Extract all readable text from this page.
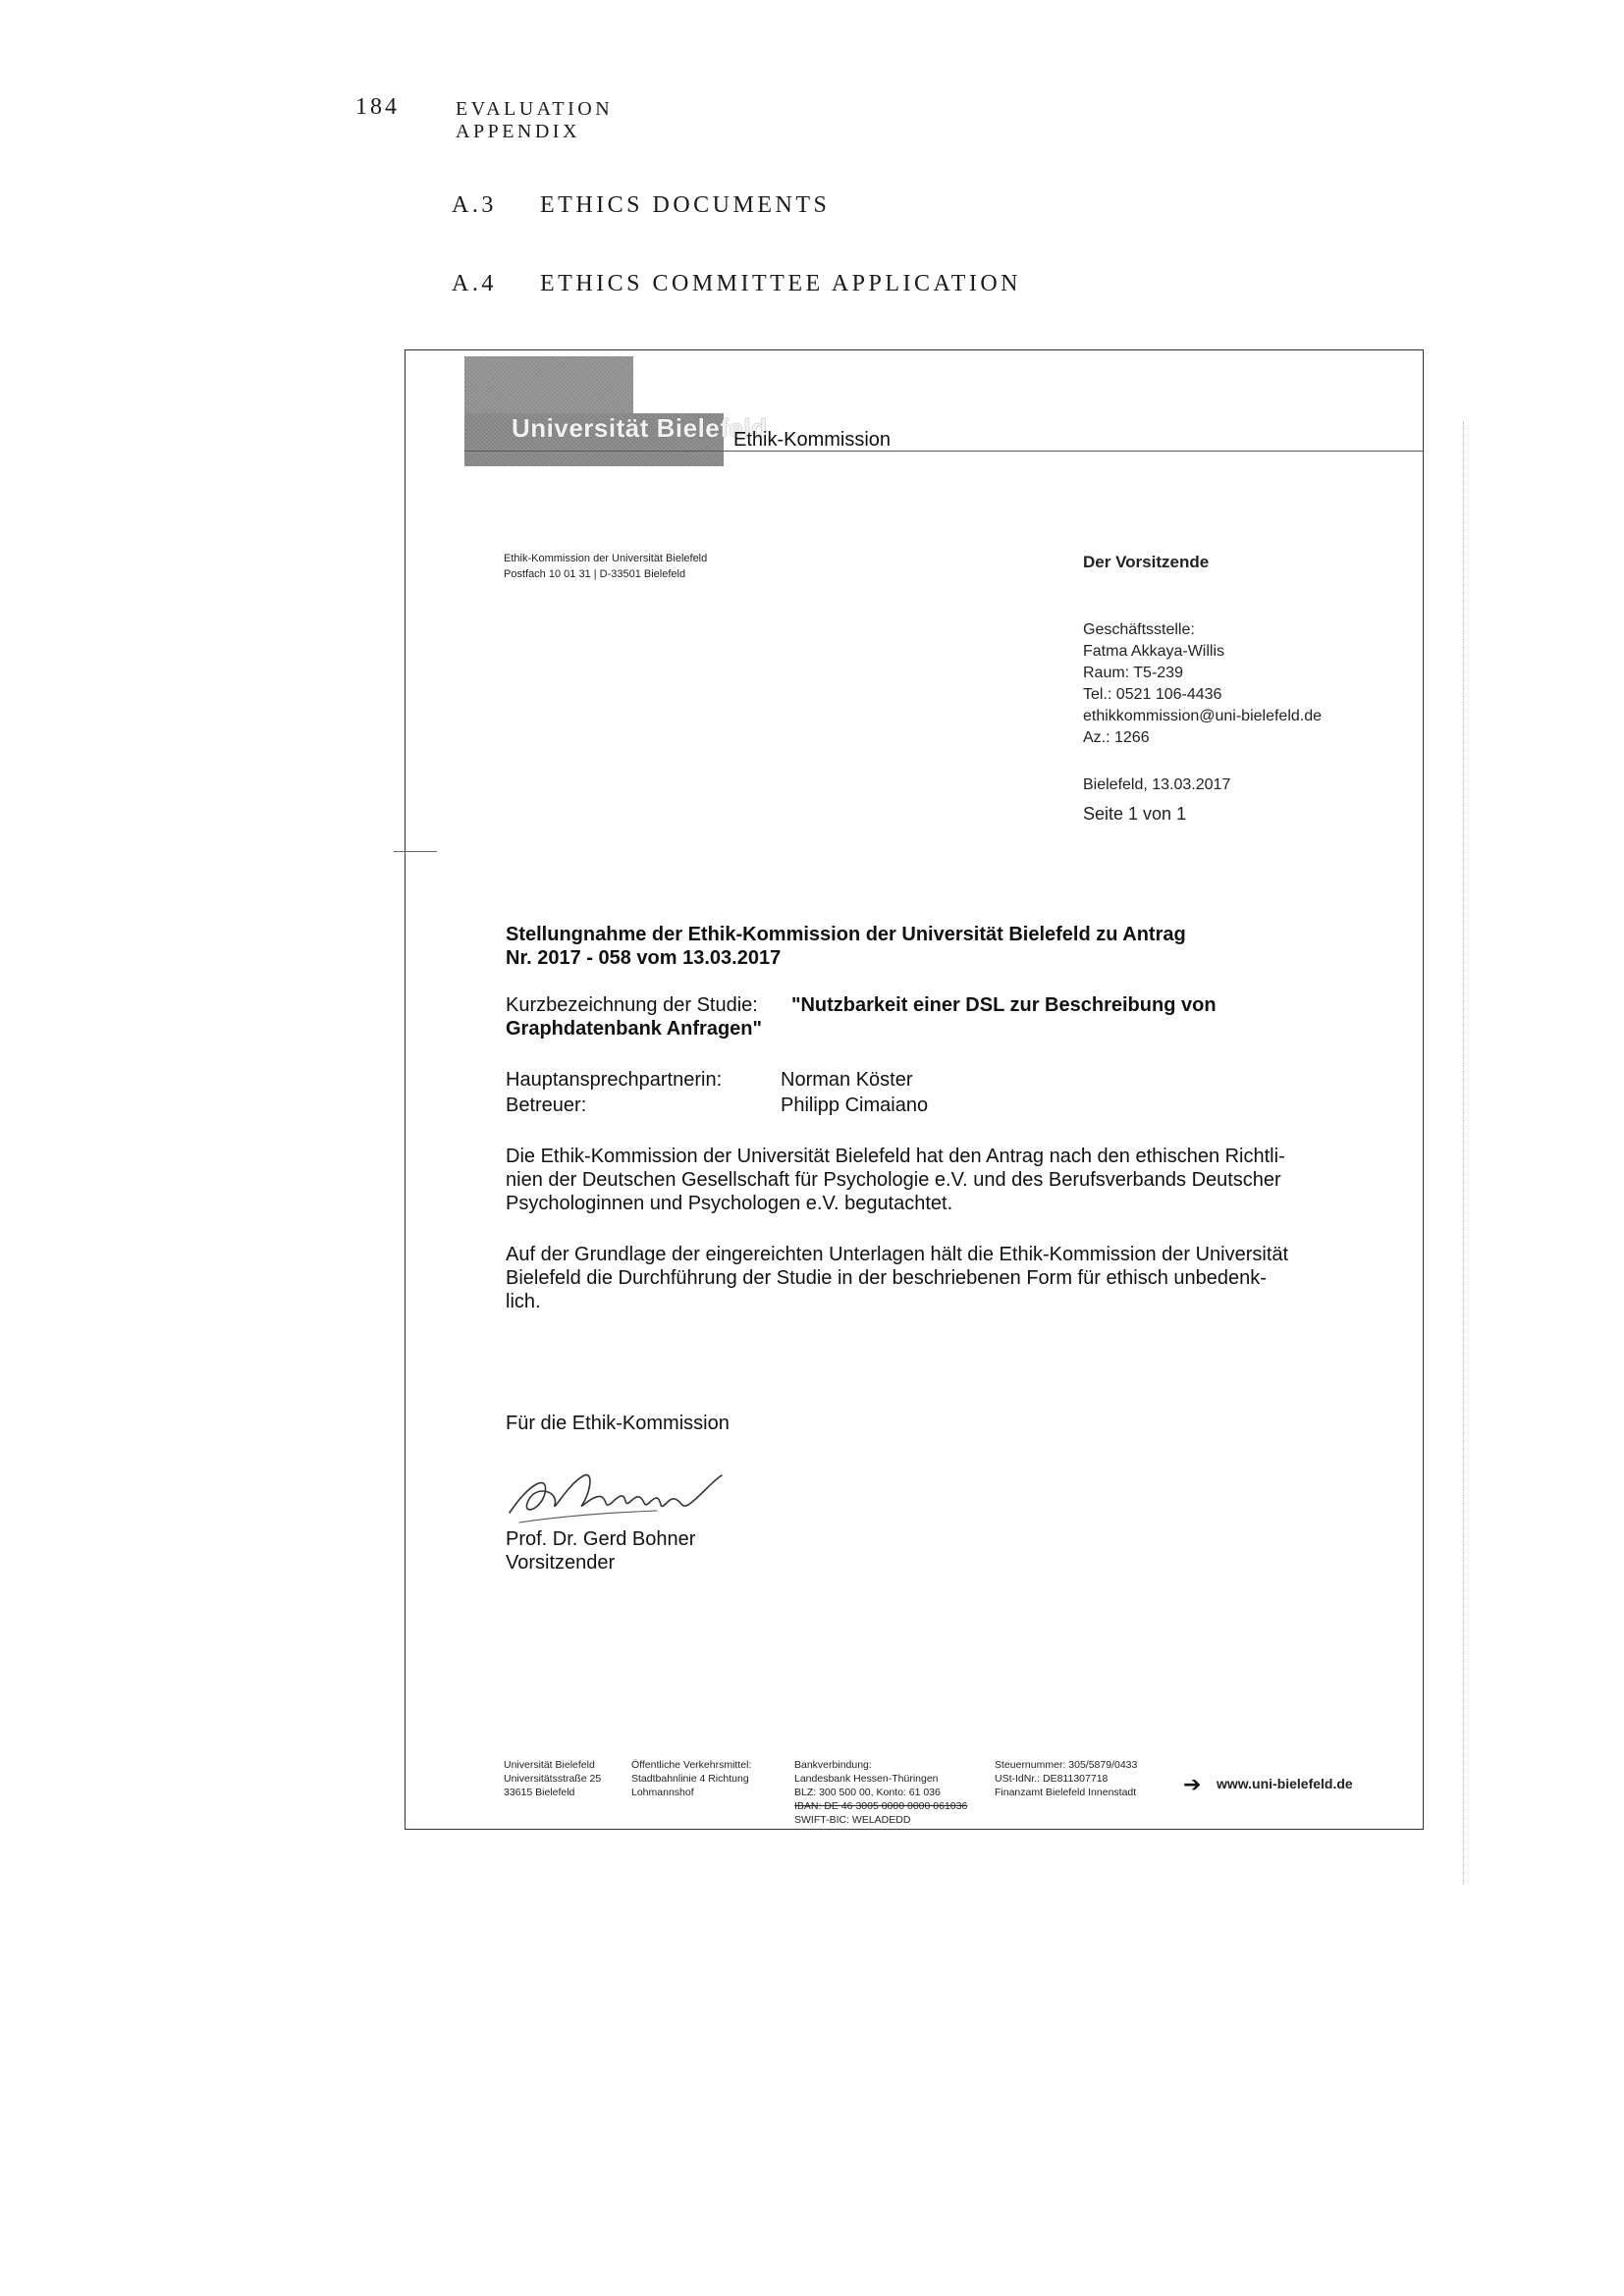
184	EVALUATION APPENDIX
A.3 ETHICS DOCUMENTS
A.4 ETHICS COMMITTEE APPLICATION
Universität Bielefeld
Ethik-Kommission
Ethik-Kommission der Universität Bielefeld
Postfach 10 01 31 | D-33501 Bielefeld
Der Vorsitzende
Geschäftsstelle:
Fatma Akkaya-Willis
Raum: T5-239
Tel.: 0521 106-4436
ethikkommission@uni-bielefeld.de
Az.: 1266
Bielefeld, 13.03.2017
Seite 1 von 1
Stellungnahme der Ethik-Kommission der Universität Bielefeld zu Antrag
Nr. 2017 - 058 vom 13.03.2017
Kurzbezeichnung der Studie: "Nutzbarkeit einer DSL zur Beschreibung von
Graphdatenbank Anfragen"
Hauptansprechpartnerin:	Norman Köster
Betreuer:	Philipp Cimaiano
Die Ethik-Kommission der Universität Bielefeld hat den Antrag nach den ethischen Richtli-
nien der Deutschen Gesellschaft für Psychologie e.V. und des Berufsverbands Deutscher
Psychologinnen und Psychologen e.V. begutachtet.
Auf der Grundlage der eingereichten Unterlagen hält die Ethik-Kommission der Universität
Bielefeld die Durchführung der Studie in der beschriebenen Form für ethisch unbedenk-
lich.
Für die Ethik-Kommission
Prof. Dr. Gerd Bohner
Vorsitzender
Universität Bielefeld
Universitätsstraße 25
33615 Bielefeld
Öffentliche Verkehrsmittel:
Stadtbahnlinie 4 Richtung
Lohmannshof
Bankverbindung:
Landesbank Hessen-Thüringen
BLZ: 300 500 00, Konto: 61 036
IBAN: DE 46 3005 0000 0000 061036
SWIFT-BIC: WELADEDD
Steuernummer: 305/5879/0433
USt-IdNr.: DE811307718
Finanzamt Bielefeld Innenstadt ➔ www.uni-bielefeld.de
